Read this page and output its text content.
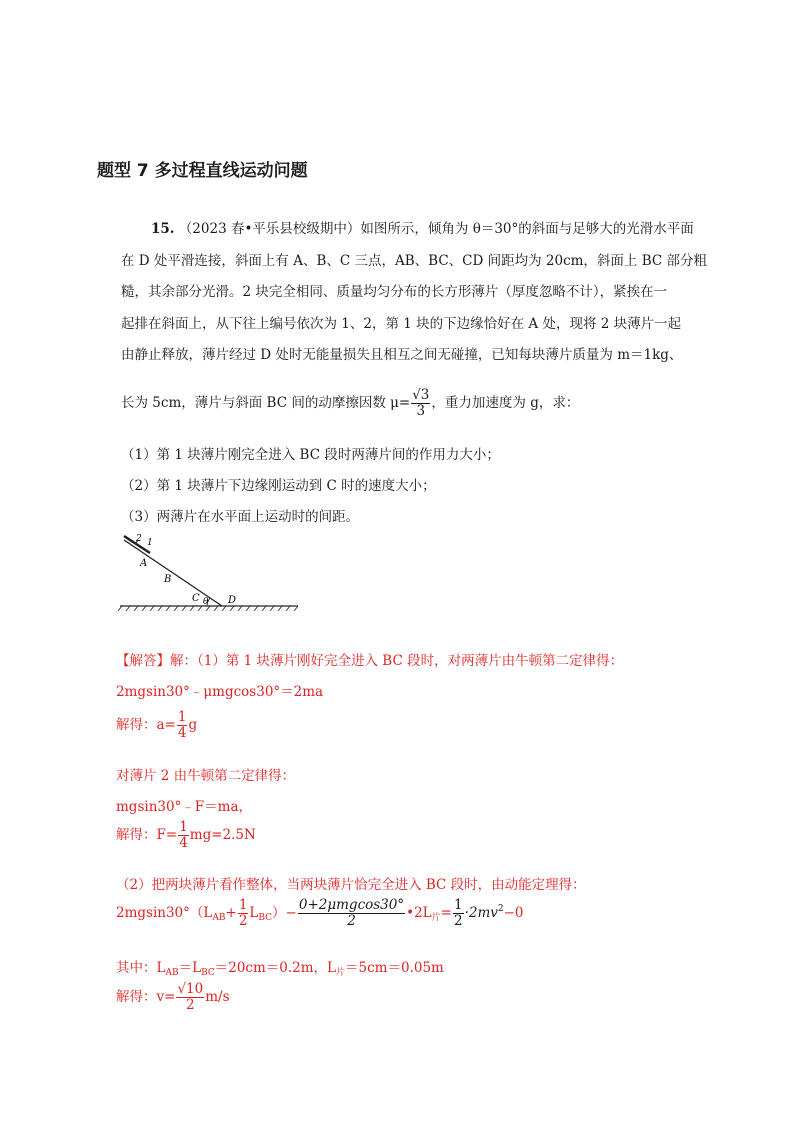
题型 7 多过程直线运动问题
15. （2023 春•平乐县校级期中）如图所示，倾角为 θ＝30°的斜面与足够大的光滑水平面
在 D 处平滑连接，斜面上有 A、B、C 三点，AB、BC、CD 间距均为 20cm，斜面上 BC 部分粗
糙，其余部分光滑。2 块完全相同、质量均匀分布的长方形薄片（厚度忽略不计），紧挨在一
起排在斜面上，从下往上编号依次为 1、2，第 1 块的下边缘恰好在 A 处，现将 2 块薄片一起
由静止释放，薄片经过 D 处时无能量损失且相互之间无碰撞，已知每块薄片质量为 m＝1kg、
长为 5cm，薄片与斜面 BC 间的动摩擦因数 $\mu= \frac{√3}{3}$ ，重力加速度为 g，求：
（1）第 1 块薄片刚完全进入 BC 段时两薄片间的作用力大小；
（2）第 1 块薄片下边缘刚运动到 C 时的速度大小；
（3）两薄片在水平面上运动时的间距。
2 1
A
B
C θ D
【解答】解：（1）第 1 块薄片刚好完全进入 BC 段时，对两薄片由牛顿第二定律得：
2mgsin30°﹣μmgcos30°＝2ma
解得：$a= \frac{1}{4}$ g
对薄片 2 由牛顿第二定律得：
mgsin30°﹣F＝ma，
解得：$F= \frac{1}{4} mg=2.5N$
（2）把两块薄片看作整体，当两块薄片恰完全进入 BC 段时，由动能定理得：
$2mgsin30^\circ(L_{AB}+ \frac{1}{2} L_{BC})- \frac{\text{0+2μmgcos30°}}{2}$ $•2L_片= \frac{1}{2} \cdot 2mv^2-0$
其中：$L_{AB}=L_{BC}=20cm=0.2m$，$L_片=5cm=0.05m$
解得：$v= \frac{√10}{2} m/s$
